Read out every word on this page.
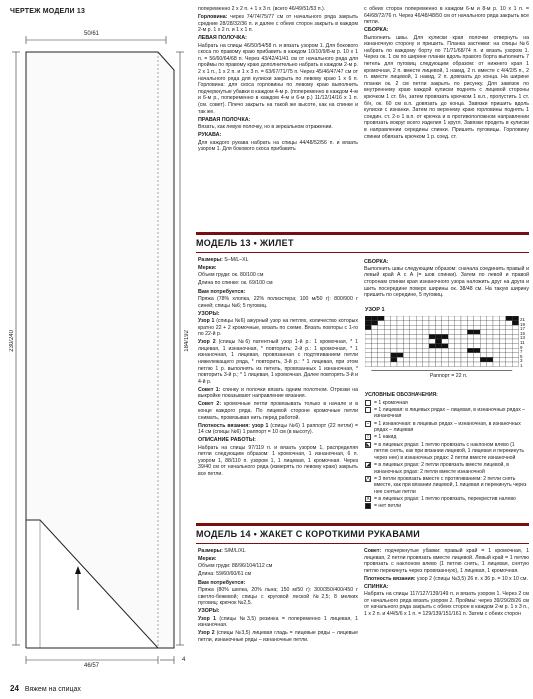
ЧЕРТЕЖ МОДЕЛИ 13
50/61
230/240	184/192
46/57
4

попеременно 2 х 2 п. + 1 х 3 п. (всего 46/49/51/53 п.).

Горловина: через 74/74/75/77 см от начального ряда закрыть средние 28/28/32/36 п. и далее с обеих сторон закрыть в каждом 2-м р. 1 х 2 п. и 1 х 1 п.

ЛЕВАЯ ПОЛОЧКА:

Набрать на спицы 46/50/54/58 п. и вязать узором 1. Для бокового скоса по правому краю прибавить в каждом 10/10/9/8-м р. 10 х 1 п. = 56/60/64/68 п. Через 43/42/41/41 см от начального ряда для проймы по правому краю дополнительно набрать в каждом 2-м р. 2 х 1 п., 1 х 2 п. и 1 х 3 п. = 63/67/71/75 п. Через 45/46/47/47 см от начального ряда для кулиски закрыть по левому краю 1 х 6 п. Горловина: для скоса горловины по левому краю выполнить подчеркнутые убавки в каждом 4-м р. (попеременно в каждом 4-м и 6-м р., попеременно в каждом 4-м и 6-м р.) 11/12/14/16 х 1 п. (см. совет). Плечо закрыть на такой же высоте, как на спинке и так же.

ПРАВАЯ ПОЛОЧКА:

Вязать, как левую полочку, но в зеркальном отражении.

РУКАВА:

Для каждого рукава набрать на спицы 44/48/52/56 п. и вязать узором 1. Для бокового скоса прибавить

с обеих сторон попеременно в каждом 6-м и 8-м р. 10 х 1 п. = 64/68/72/76 п. Через 46/48/48/50 см от начального ряда закрыть все петли.

СБОРКА:

Выполнить швы. Для кулиски края полочки отвернуть на изнаночную сторону и пришить. Планка застежки: на спицы №6 набрать по каждому борту по 71/71/68/74 п. и вязать узором 1. Через ок. 1 см по ширине планки вдоль правого борта выполнить 7 петель для пуговиц следующим образом: от нижнего края 1 кромочная, 2 п. вместе лицевой, 1 накид, 2 п. вместе с 4/4/2/5 п., 2 п. вместе лицевой, 1 накид, 2 п. довязать до конца. На ширине планки ок. 2 см петли закрыть по рисунку. Для завязок по внутреннему краю каждой кулиски поднять с лицевой стороны крючком 1 ст. б/н, затем провязать крючком 1 в.п., пропустить 1 ст. б/н, ок. 60 см в.п. довязать до конца. Завязки пришить вдоль кулиски с изнанки. Затем по верхнему краю горловины поднять 1 соедин. ст. 2-о 1 в.п. от крючка и в противоположном направлении провязать вокруг всего изделия 1 кругл. Завязки продеть в кулиски в направлении середины спинки. Пришить пуговицы. Горловину спинки обвязать крючком 1 р. соед. ст.

МОДЕЛЬ 13 • ЖИЛЕТ

Размеры: S–M/L–XL

Мерки:

Объем груди: ок. 80/100 см

Длина по спинке: ок. 69/100 см

Вам потребуется:

Пряжа (78% хлопка, 22% полиэстера; 100 м/50 г): 800/900 г синей; спицы №6; 5 пуговиц.

УЗОРЫ:

Узор 1 (спицы №6) ажурный узор на петлях, количество которых кратно 22 + 2 кромочные, вязать по схеме. Вязать повторы с 1-го по 22-й р.

Узор 2 (спицы №6) патентный узор 1-й р.: 1 кромочная, * 1 лицевая, 1 изнаночная, * повторить; 2-й р.: 1 кромочная, * 1 изнаночная, 1 лицевая, провязанная с подтягиванием петли нижележащего ряда, * повторить, 3-й р.: * 1 лицевая, при этом петлю 1 р. выполнять из петель, провязанных 1 изнаночная, * повторить 3-й р.; * 1 лицевая, 1 кромочная. Далее повторять 3-й и 4-й р.

Совет 1: спинку и полочки вязать одним полотном. Отрезки на выкройке показывают направление вязания.

Совет 2: кромочные петли провязывать только в начале и в конце каждого ряда. По лицевой стороне кромочные петли снимать, провязывая нить перед работой.

Плотность вязания: узор 1 (спицы №6) 1 раппорт (22 петли) = 14 см (спицы №6) 1 раппорт = 10 см (в высоту).

ОПИСАНИЕ РАБОТЫ:

Набрать на спицы 97/119 п. и вязать узором 1, распределяя петли следующим образом: 1 кромочная, 1 изнаночная, 6 п. узором 1, 88/110 п. узором 1, 1 лицевая, 1 кромочная. Через 39/40 см от начального ряда (измерять по левому краю) закрыть все петли.

СБОРКА:

Выполнить швы следующим образом: сначала соединить правый и левый край А с А (= шов спинки). Затем по левой и правой сторонам спинки края изнаночного узора наложить друг на друга и шить посередине поверх ширины ок. 38/48 см. На такую ширину пришить по середине, 5 пуговиц.

УЗОР 1
21
19
17
15
13
11
9
7
5
3
1
Раппорт = 22 п.
УСЛОВНЫЕ ОБОЗНАЧЕНИЯ:
= 1 кромочная
= 1 лицевая: в лицевых рядах – лицевая, в изнаночных рядах – изнаночная
– = 1 изнаночная: в лицевых рядах – изнаночная, в изнаночных рядах – лицевая
○ = 1 накид
◣ = в лицевых рядах: 1 петлю провязать с наклоном влево (1 петлю снять, как при вязании лицевой, 1 лицевая и перекинуть через нее) в изнаночных рядах: 2 петли вместе изнаночной
◢ = в лицевых рядах: 2 петли провязать вместе лицевой, в изнаночных рядах: 2 петли вместе изнаночной
⋀ = 3 петли провязать вместе с протягиванием: 2 петли снять вместе, как при вязании лицевой, 1 лицевая и перекинуть через нее снятые петли
X = в лицевых рядах: 1 петлю провязать, перекрестив налево
= нет петли
МОДЕЛЬ 14 • ЖАКЕТ С КОРОТКИМИ РУКАВАМИ

Размеры: S/M/L/XL

Мерки:

Объем груди: 88/96/104/112 см

Длина: 59/60/60/61 см

Вам потребуется:

Пряжа (80% шелка, 20% льна; 150 м/50 г): 300/350/400/450 г светло-бежевой; спицы с круговой леской №2,5; 8 мелких пуговиц; крючок №2,5.

УЗОРЫ:

Узор 1 (спицы №3,5) резинка = попеременно 1 лицевая, 1 изнаночная.

Узор 2 (спицы №3,5) лицевая гладь = лицевые ряды – лицевые петли, изнаночные ряды – изнаночные петли.

Совет: подчеркнутые убавки: правый край = 1 кромочная, 1 лицевая, 2 петли провязать вместе лицевой. Левый край = 1 петлю провязать с наклоном влево (1 петлю снять, 1 лицевая, снятую петлю перекинуть через провязанную), 1 лицевая, 1 кромочная.

Плотность вязания: узор 2 (спицы №3,5) 26 п. х 36 р. = 10 х 10 см.

СПИНКА:

Набрать на спицы 117/127/139/149 п. и вязать узором 1. Через 2 см от начального ряда вязать узором 2. Проймы: через 39/29/28/26 см от начального ряда закрыть с обеих сторон в каждом 2-м р. 1 х 3 п., 1 х 2 п. и 4/4/5/6 х 1 п. = 129/139/151/161 п. Затем с обеих сторон

24 Вяжем на спицах
